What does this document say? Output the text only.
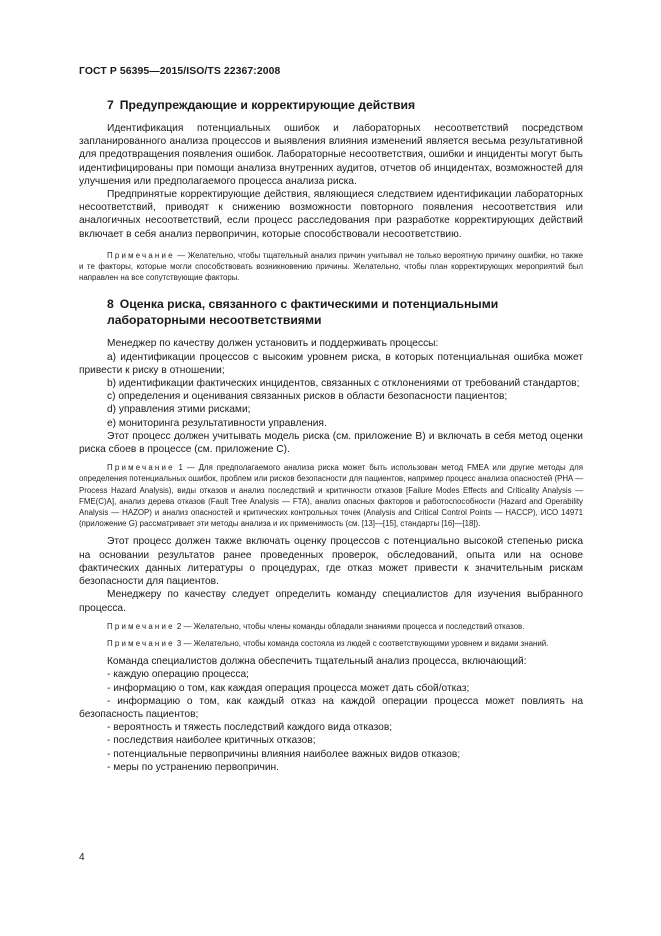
ГОСТ Р 56395—2015/ISO/TS 22367:2008
7 Предупреждающие и корректирующие действия

Идентификация потенциальных ошибок и лабораторных несоответствий посредством запланированного анализа процессов и выявления влияния изменений является весьма результативной для предотвращения появления ошибок. Лабораторные несоответствия, ошибки и инциденты могут быть идентифицированы при помощи анализа внутренних аудитов, отчетов об инцидентах, возможностей для улучшения или предполагаемого процесса анализа риска.

Предпринятые корректирующие действия, являющиеся следствием идентификации лабораторных несоответствий, приводят к снижению возможности повторного появления несоответствия или аналогичных несоответствий, если процесс расследования при разработке корректирующих действий включает в себя анализ первопричин, которые способствовали несоответствию.

Примечание — Желательно, чтобы тщательный анализ причин учитывал не только вероятную причину ошибки, но также и те факторы, которые могли способствовать возникновению причины. Желательно, чтобы план корректирующих мероприятий был направлен на все сопутствующие факторы.

8 Оценка риска, связанного с фактическими и потенциальными
лабораторными несоответствиями

Менеджер по качеству должен установить и поддерживать процессы:

а) идентификации процессов с высоким уровнем риска, в которых потенциальная ошибка может привести к риску в отношении;

b) идентификации фактических инцидентов, связанных с отклонениями от требований стандартов;

c) определения и оценивания связанных рисков в области безопасности пациентов;

d) управления этими рисками;

e) мониторинга результативности управления.

Этот процесс должен учитывать модель риска (см. приложение В) и включать в себя метод оценки риска сбоев в процессе (см. приложение С).

Примечание 1 — Для предполагаемого анализа риска может быть использован метод FMEA или другие методы для определения потенциальных ошибок, проблем или рисков безопасности для пациентов, например процесс анализа опасностей (PHA — Process Hazard Analysis), виды отказов и анализ последствий и критичности отказов [Failure Modes Effects and Criticality Analysis — FME(C)A], анализ дерева отказов (Fault Tree Analysis — FTA), анализ опасных факторов и работоспособности (Hazard and Operability Analysis — HAZOP) и анализ опасностей и критических контрольных точек (Analysis and Critical Control Points — HACCP), ИСО 14971 (приложение G) рассматривает эти методы анализа и их применимость (см. [13]—[15], стандарты [16]—[18]).

Этот процесс должен также включать оценку процессов с потенциально высокой степенью риска на основании результатов ранее проведенных проверок, обследований, опыта или на основе фактических данных литературы о процедурах, где отказ может привести к значительным рискам безопасности для пациентов.

Менеджеру по качеству следует определить команду специалистов для изучения выбранного процесса.

Примечание 2 — Желательно, чтобы члены команды обладали знаниями процесса и последствий отказов.

Примечание 3 — Желательно, чтобы команда состояла из людей с соответствующими уровнем и видами знаний.

Команда специалистов должна обеспечить тщательный анализ процесса, включающий:

- каждую операцию процесса;

- информацию о том, как каждая операция процесса может дать сбой/отказ;

- информацию о том, как каждый отказ на каждой операции процесса может повлиять на безопасность пациентов;

- вероятность и тяжесть последствий каждого вида отказов;

- последствия наиболее критичных отказов;

- потенциальные первопричины влияния наиболее важных видов отказов;

- меры по устранению первопричин.

4
